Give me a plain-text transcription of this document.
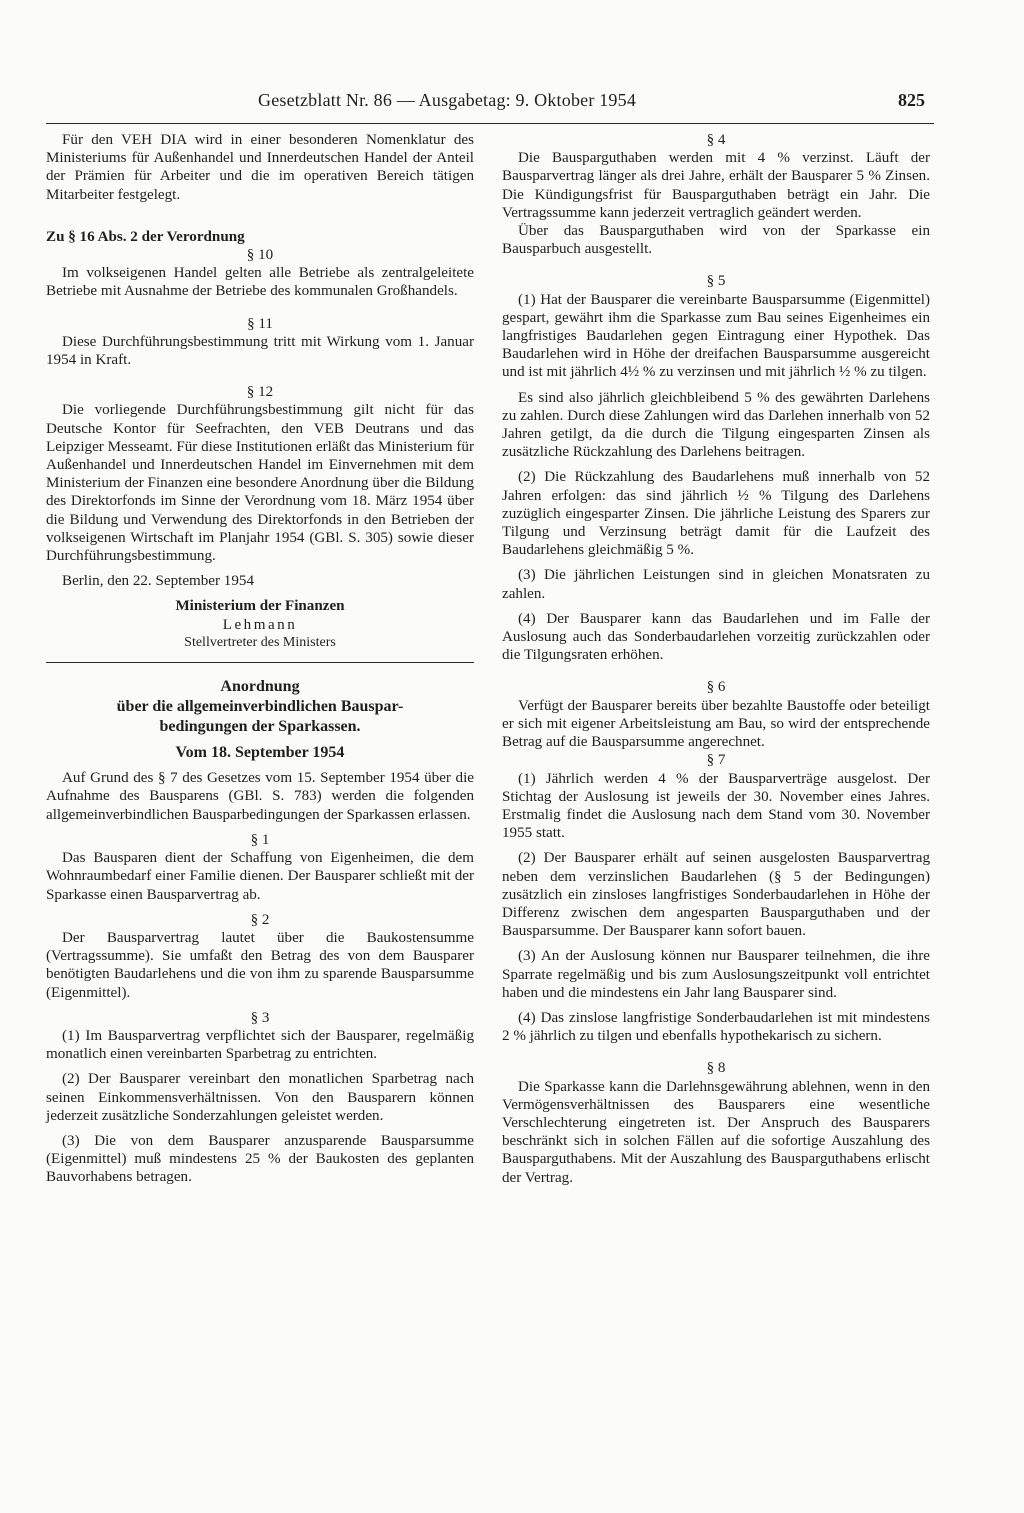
Gesetzblatt Nr. 86 — Ausgabetag: 9. Oktober 1954	825

Für den VEH DIA wird in einer besonderen Nomenklatur des Ministeriums für Außenhandel und Innerdeutschen Handel der Anteil der Prämien für Arbeiter und die im operativen Bereich tätigen Mitarbeiter festgelegt.

Zu § 16 Abs. 2 der Verordnung

§ 10

Im volkseigenen Handel gelten alle Betriebe als zentralgeleitete Betriebe mit Ausnahme der Betriebe des kommunalen Großhandels.

§ 11

Diese Durchführungsbestimmung tritt mit Wirkung vom 1. Januar 1954 in Kraft.

§ 12

Die vorliegende Durchführungsbestimmung gilt nicht für das Deutsche Kontor für Seefrachten, den VEB Deutrans und das Leipziger Messeamt. Für diese Institutionen erläßt das Ministerium für Außenhandel und Innerdeutschen Handel im Einvernehmen mit dem Ministerium der Finanzen eine besondere Anordnung über die Bildung des Direktorfonds im Sinne der Verordnung vom 18. März 1954 über die Bildung und Verwendung des Direktorfonds in den Betrieben der volkseigenen Wirtschaft im Planjahr 1954 (GBl. S. 305) sowie dieser Durchführungsbestimmung.

Berlin, den 22. September 1954

Ministerium der Finanzen

Lehmann

Stellvertreter des Ministers

Anordnung
über die allgemeinverbindlichen Bauspar-
bedingungen der Sparkassen.

Vom 18. September 1954

Auf Grund des § 7 des Gesetzes vom 15. September 1954 über die Aufnahme des Bausparens (GBl. S. 783) werden die folgenden allgemeinverbindlichen Bausparbedingungen der Sparkassen erlassen.

§ 1

Das Bausparen dient der Schaffung von Eigenheimen, die dem Wohnraumbedarf einer Familie dienen. Der Bausparer schließt mit der Sparkasse einen Bausparvertrag ab.

§ 2

Der Bausparvertrag lautet über die Baukostensumme (Vertragssumme). Sie umfaßt den Betrag des von dem Bausparer benötigten Baudarlehens und die von ihm zu sparende Bausparsumme (Eigenmittel).

§ 3

(1) Im Bausparvertrag verpflichtet sich der Bausparer, regelmäßig monatlich einen vereinbarten Sparbetrag zu entrichten.

(2) Der Bausparer vereinbart den monatlichen Sparbetrag nach seinen Einkommensverhältnissen. Von den Bausparern können jederzeit zusätzliche Sonderzahlungen geleistet werden.

(3) Die von dem Bausparer anzusparende Bausparsumme (Eigenmittel) muß mindestens 25 % der Baukosten des geplanten Bauvorhabens betragen.

§ 4

Die Bausparguthaben werden mit 4 % verzinst. Läuft der Bausparvertrag länger als drei Jahre, erhält der Bausparer 5 % Zinsen. Die Kündigungsfrist für Bausparguthaben beträgt ein Jahr. Die Vertragssumme kann jederzeit vertraglich geändert werden.

Über das Bausparguthaben wird von der Sparkasse ein Bausparbuch ausgestellt.

§ 5

(1) Hat der Bausparer die vereinbarte Bausparsumme (Eigenmittel) gespart, gewährt ihm die Sparkasse zum Bau seines Eigenheimes ein langfristiges Baudarlehen gegen Eintragung einer Hypothek. Das Baudarlehen wird in Höhe der dreifachen Bausparsumme ausgereicht und ist mit jährlich 4½ % zu verzinsen und mit jährlich ½ % zu tilgen.

Es sind also jährlich gleichbleibend 5 % des gewährten Darlehens zu zahlen. Durch diese Zahlungen wird das Darlehen innerhalb von 52 Jahren getilgt, da die durch die Tilgung eingesparten Zinsen als zusätzliche Rückzahlung des Darlehens beitragen.

(2) Die Rückzahlung des Baudarlehens muß innerhalb von 52 Jahren erfolgen: das sind jährlich ½ % Tilgung des Darlehens zuzüglich eingesparter Zinsen. Die jährliche Leistung des Sparers zur Tilgung und Verzinsung beträgt damit für die Laufzeit des Baudarlehens gleichmäßig 5 %.

(3) Die jährlichen Leistungen sind in gleichen Monatsraten zu zahlen.

(4) Der Bausparer kann das Baudarlehen und im Falle der Auslosung auch das Sonderbaudarlehen vorzeitig zurückzahlen oder die Tilgungsraten erhöhen.

§ 6

Verfügt der Bausparer bereits über bezahlte Baustoffe oder beteiligt er sich mit eigener Arbeitsleistung am Bau, so wird der entsprechende Betrag auf die Bausparsumme angerechnet.

§ 7

(1) Jährlich werden 4 % der Bausparverträge ausgelost. Der Stichtag der Auslosung ist jeweils der 30. November eines Jahres. Erstmalig findet die Auslosung nach dem Stand vom 30. November 1955 statt.

(2) Der Bausparer erhält auf seinen ausgelosten Bausparvertrag neben dem verzinslichen Baudarlehen (§ 5 der Bedingungen) zusätzlich ein zinsloses langfristiges Sonderbaudarlehen in Höhe der Differenz zwischen dem angesparten Bausparguthaben und der Bausparsumme. Der Bausparer kann sofort bauen.

(3) An der Auslosung können nur Bausparer teilnehmen, die ihre Sparrate regelmäßig und bis zum Auslosungszeitpunkt voll entrichtet haben und die mindestens ein Jahr lang Bausparer sind.

(4) Das zinslose langfristige Sonderbaudarlehen ist mit mindestens 2 % jährlich zu tilgen und ebenfalls hypothekarisch zu sichern.

§ 8

Die Sparkasse kann die Darlehnsgewährung ablehnen, wenn in den Vermögensverhältnissen des Bausparers eine wesentliche Verschlechterung eingetreten ist. Der Anspruch des Bausparers beschränkt sich in solchen Fällen auf die sofortige Auszahlung des Bausparguthabens. Mit der Auszahlung des Bausparguthabens erlischt der Vertrag.
